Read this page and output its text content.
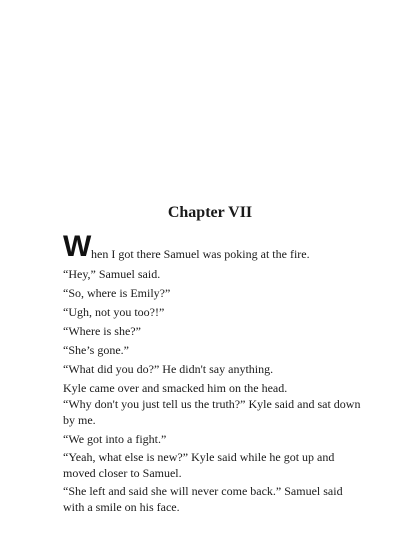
Chapter VII
W hen I got there Samuel was poking at the fire.

“Hey,” Samuel said.

“So, where is Emily?”

“Ugh, not you too?!”

“Where is she?”

“She’s gone.”

“What did you do?” He didn't say anything.

Kyle came over and smacked him on the head.

“Why don't you just tell us the truth?” Kyle said and sat down by me.

“We got into a fight.”

“Yeah, what else is new?” Kyle said while he got up and moved closer to Samuel.

“She left and said she will never come back.” Samuel said with a smile on his face.
